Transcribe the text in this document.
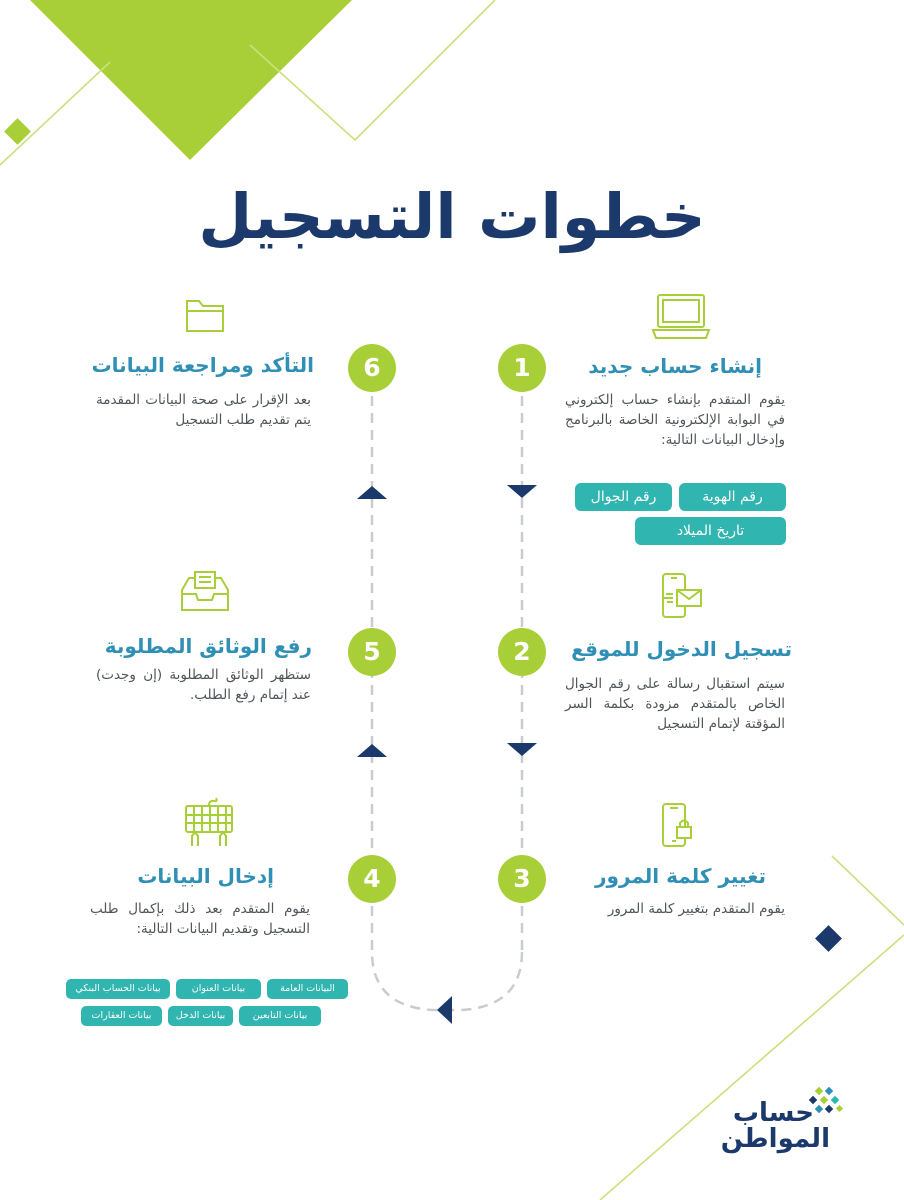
خطوات التسجيل
1
2
3
4
5
6	إنشاء حساب جديد
يقوم المتقدم بإنشاء حساب إلكتروني في البوابة الإلكترونية الخاصة بالبرنامج وإدخال البيانات التالية:
رقم الهوية
رقم الجوال
تاريخ الميلاد
تسجيل الدخول للموقع
سيتم استقبال رسالة على رقم الجوال الخاص بالمتقدم مزودة بكلمة السر المؤقتة لإتمام التسجيل
تغيير كلمة المرور
يقوم المتقدم بتغيير كلمة المرور
إدخال البيانات
يقوم المتقدم بعد ذلك بإكمال طلب التسجيل وتقديم البيانات التالية:
البيانات العامة
بيانات العنوان
بيانات الحساب البنكي
بيانات التابعين
بيانات الدخل
بيانات العقارات
رفع الوثائق المطلوبة
ستظهر الوثائق المطلوبة (إن وجدت) عند إتمام رفع الطلب.
التأكد ومراجعة البيانات
بعد الإقرار على صحة البيانات المقدمة يتم تقديم طلب التسجيل
حساب
المواطن
